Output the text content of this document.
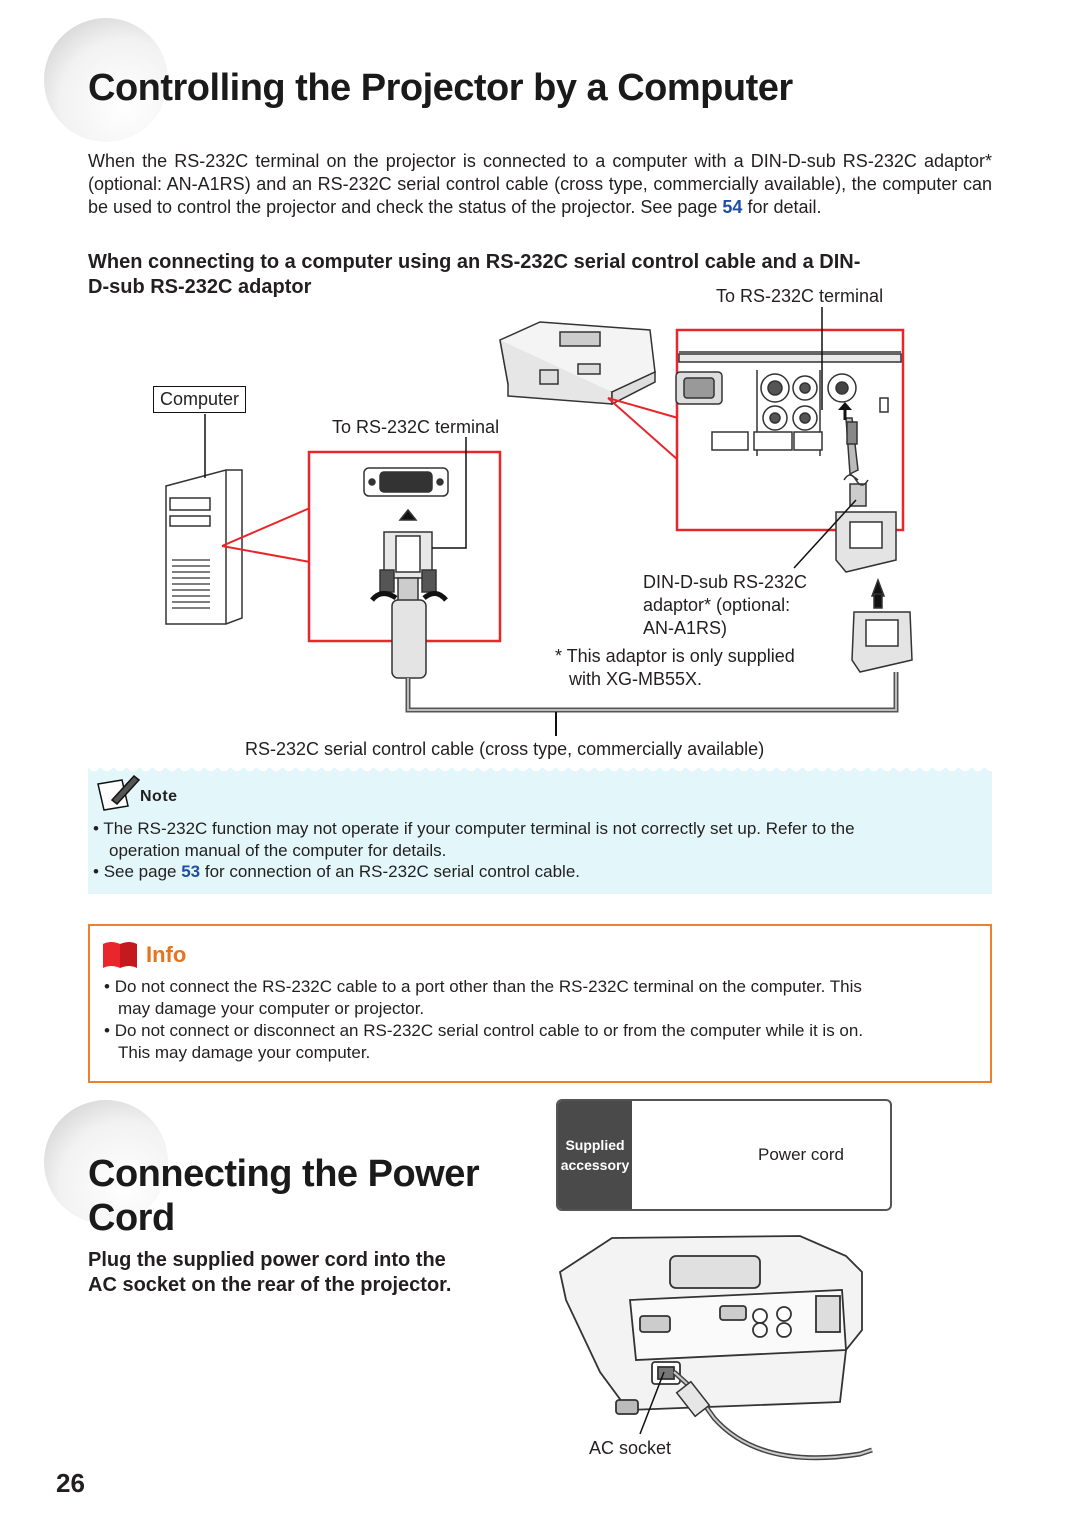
Controlling the Projector by a Computer
When the RS-232C terminal on the projector is connected to a computer with a DIN-D-sub RS-232C adaptor* (optional: AN-A1RS) and an RS-232C serial control cable (cross type, commercially available), the computer can be used to control the projector and check the status of the projector. See page 54 for detail.
When connecting to a computer using an RS-232C serial control cable and a DIN-
D-sub RS-232C adaptor	To RS-232C terminal
Computer
To RS-232C terminal
DIN-D-sub RS-232C
adaptor* (optional:
AN-A1RS)
* This adaptor is only supplied
with XG-MB55X.
RS-232C serial control cable (cross type, commercially available)
Note
• The RS-232C function may not operate if your computer terminal is not correctly set up. Refer to the
operation manual of the computer for details.
• See page 53 for connection of an RS-232C serial control cable.
Info
• Do not connect the RS-232C cable to a port other than the RS-232C terminal on the computer. This
may damage your computer or projector.
• Do not connect or disconnect an RS-232C serial control cable to or from the computer while it is on.
This may damage your computer.
Connecting the Power
Cord
Plug the supplied power cord into the
AC socket on the rear of the projector.
Supplied
accessory
Power cord
AC socket
26
